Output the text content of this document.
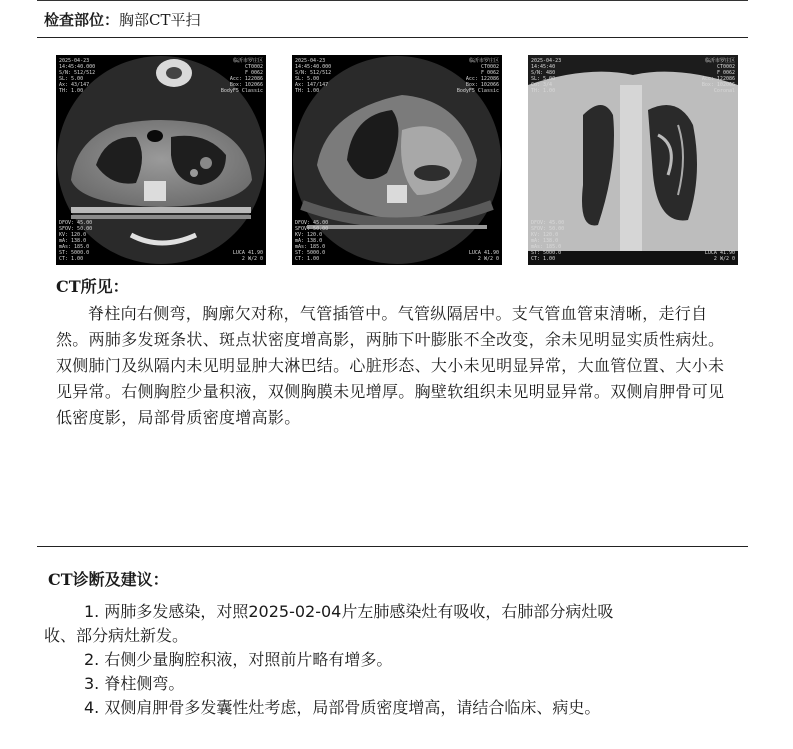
检查部位：胸部CT平扫
2025-04-23
14:45:40.000
S/N: 512/512
SL: 5.00
Ax: 43/147
TH: 1.00
临沂市罗庄区
CT0002
F 0062
Acc: 122086
Box: 102066
BodyF5 Classic
DFOV: 45.00
SFOV: 50.00
KV: 120.0
mA: 138.0
mAs: 185.0
ST: 5000.0
CT: 1.00
LUCA 41.90
2 W/2 0
2025-04-23
14:45:40.000
S/N: 512/512
SL: 5.00
Ax: 147/147
TH: 1.00
临沂市罗庄区
CT0002
F 0062
Acc: 122086
Box: 102066
BodyF5 Classic
DFOV: 45.00
SFOV: 50.00
KV: 120.0
mA: 138.0
mAs: 185.0
ST: 5000.0
CT: 1.00
LUCA 41.90
2 W/2 0
2025-04-23
14:45:40
S/N: 480
SL: 5.00
Co: 3/4
TH: 1.00
临沂市罗庄区
CT0002
F 0062
Acc: 122086
Box: 102066
Coronal
DFOV: 45.00
SFOV: 50.00
KV: 120.0
mA: 138.0
mAs: 185.0
ST: 5000.0
CT: 1.00
LUCA 41.90
2 W/2 0
CT所见：
脊柱向右侧弯，胸廓欠对称，气管插管中。气管纵隔居中。支气管血管束清晰，走行自然。两肺多发斑条状、斑点状密度增高影，两肺下叶膨胀不全改变，余未见明显实质性病灶。双侧肺门及纵隔内未见明显肿大淋巴结。心脏形态、大小未见明显异常，大血管位置、大小未见异常。右侧胸腔少量积液，双侧胸膜未见增厚。胸壁软组织未见明显异常。双侧肩胛骨可见低密度影，局部骨质密度增高影。
CT诊断及建议：
1. 两肺多发感染，对照2025-02-04片左肺感染灶有吸收，右肺部分病灶吸
收、部分病灶新发。
2. 右侧少量胸腔积液，对照前片略有增多。
3. 脊柱侧弯。
4. 双侧肩胛骨多发囊性灶考虑，局部骨质密度增高，请结合临床、病史。
